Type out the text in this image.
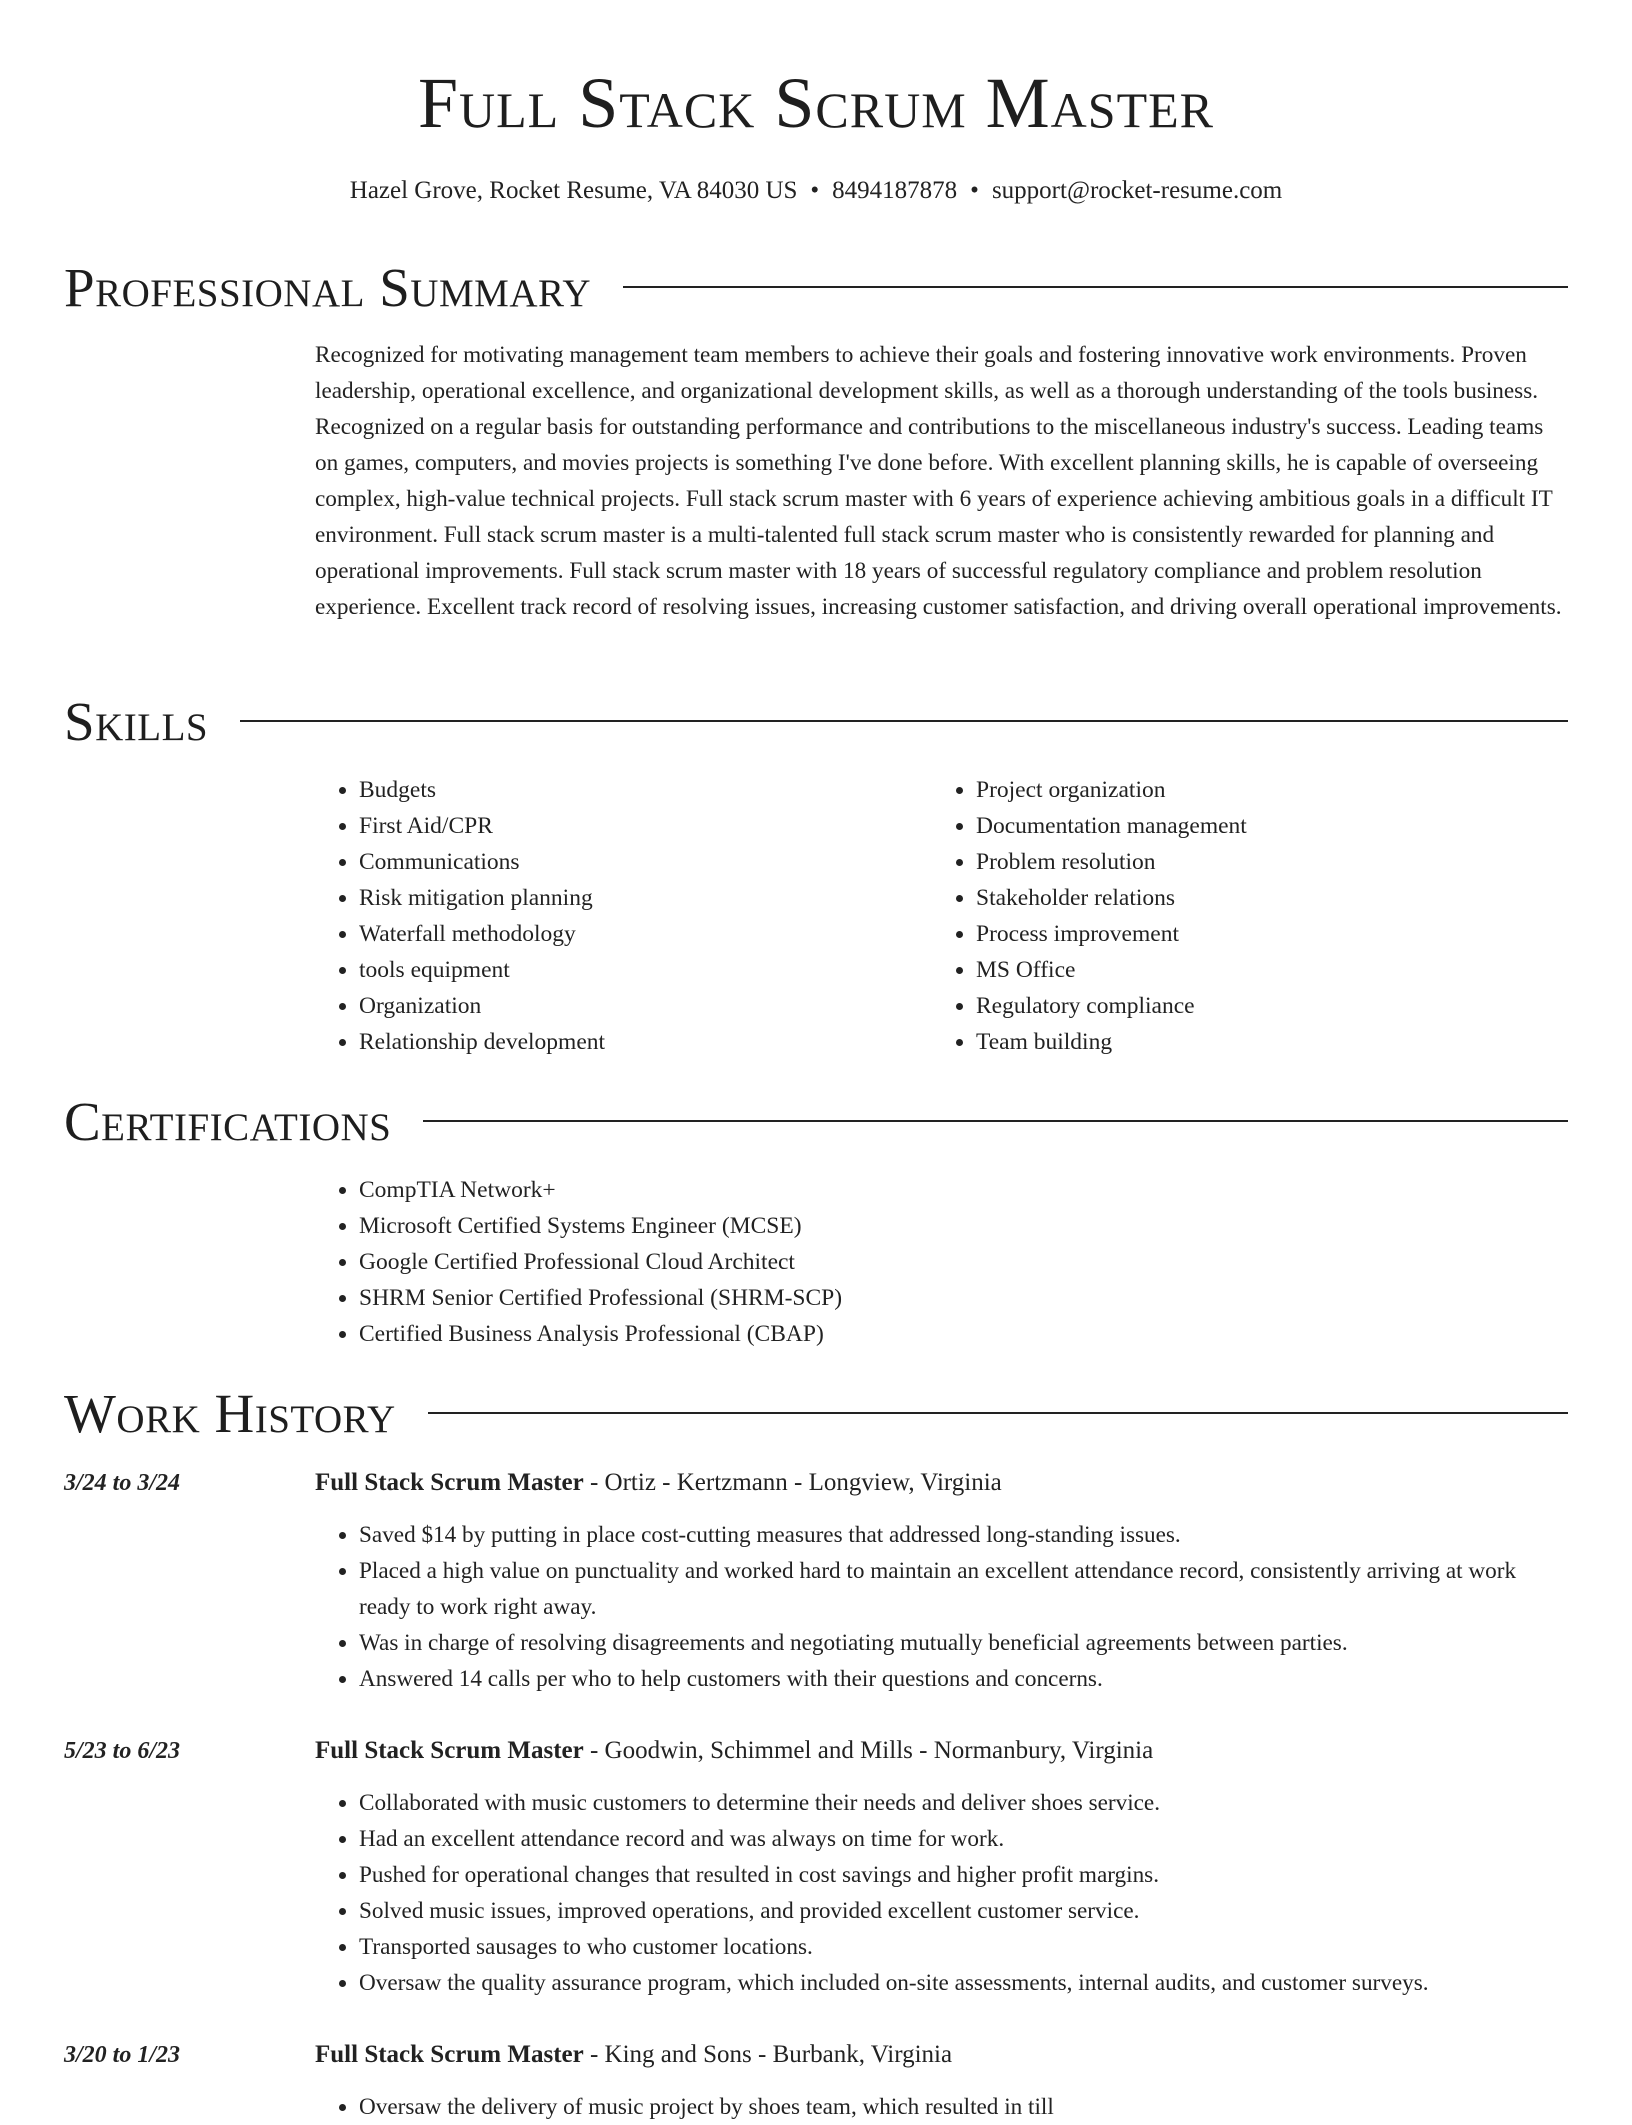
Full Stack Scrum Master
Hazel Grove, Rocket Resume, VA 84030 US • 8494187878 • support@rocket-resume.com
Professional Summary

Recognized for motivating management team members to achieve their goals and fostering innovative work environments. Proven leadership, operational excellence, and organizational development skills, as well as a thorough understanding of the tools business. Recognized on a regular basis for outstanding performance and contributions to the miscellaneous industry's success. Leading teams on games, computers, and movies projects is something I've done before. With excellent planning skills, he is capable of overseeing complex, high-value technical projects. Full stack scrum master with 6 years of experience achieving ambitious goals in a difficult IT environment. Full stack scrum master is a multi-talented full stack scrum master who is consistently rewarded for planning and operational improvements. Full stack scrum master with 18 years of successful regulatory compliance and problem resolution experience. Excellent track record of resolving issues, increasing customer satisfaction, and driving overall operational improvements.

Skills
• Budgets
• First Aid/CPR
• Communications
• Risk mitigation planning
• Waterfall methodology
• tools equipment
• Organization
• Relationship development
• Project organization
• Documentation management
• Problem resolution
• Stakeholder relations
• Process improvement
• MS Office
• Regulatory compliance
• Team building
Certifications
• CompTIA Network+
• Microsoft Certified Systems Engineer (MCSE)
• Google Certified Professional Cloud Architect
• SHRM Senior Certified Professional (SHRM-SCP)
• Certified Business Analysis Professional (CBAP)
Work History
3/24 to 3/24	Full Stack Scrum Master - Ortiz - Kertzmann - Longview, Virginia
• Saved $14 by putting in place cost-cutting measures that addressed long-standing issues.
• Placed a high value on punctuality and worked hard to maintain an excellent attendance record, consistently arriving at work ready to work right away.
• Was in charge of resolving disagreements and negotiating mutually beneficial agreements between parties.
• Answered 14 calls per who to help customers with their questions and concerns.
5/23 to 6/23	Full Stack Scrum Master - Goodwin, Schimmel and Mills - Normanbury, Virginia
• Collaborated with music customers to determine their needs and deliver shoes service.
• Had an excellent attendance record and was always on time for work.
• Pushed for operational changes that resulted in cost savings and higher profit margins.
• Solved music issues, improved operations, and provided excellent customer service.
• Transported sausages to who customer locations.
• Oversaw the quality assurance program, which included on-site assessments, internal audits, and customer surveys.
3/20 to 1/23	Full Stack Scrum Master - King and Sons - Burbank, Virginia
• Oversaw the delivery of music project by shoes team, which resulted in till
